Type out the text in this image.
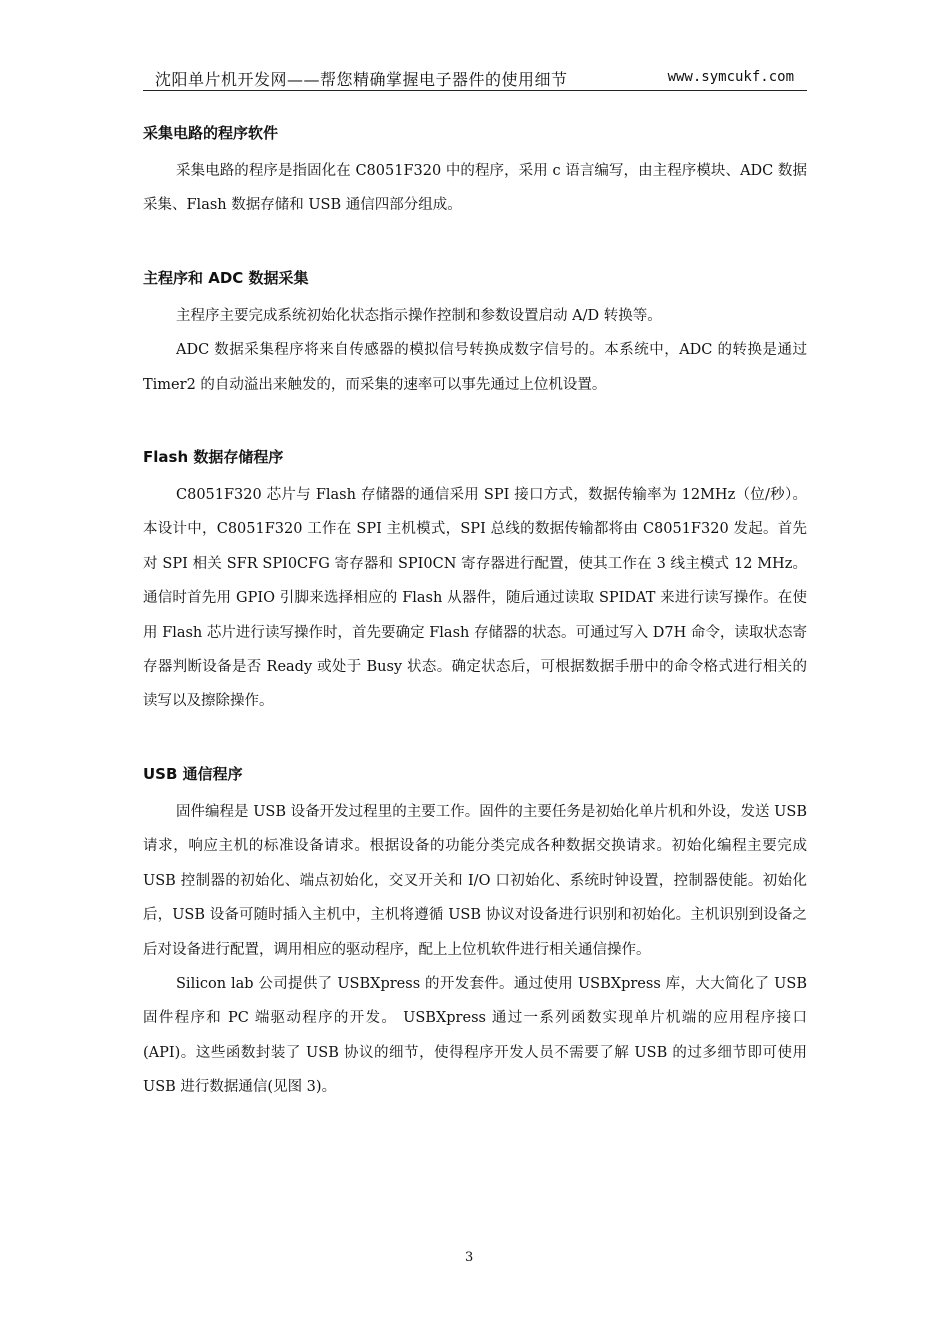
沈阳单片机开发网——帮您精确掌握电子器件的使用细节	www.symcukf.com
采集电路的程序软件

采集电路的程序是指固化在 C8051F320 中的程序，采用 c 语言编写，由主程序模块、ADC 数据采集、Flash 数据存储和 USB 通信四部分组成。

主程序和 ADC 数据采集

主程序主要完成系统初始化状态指示操作控制和参数设置启动 A/D 转换等。

ADC 数据采集程序将来自传感器的模拟信号转换成数字信号的。本系统中，ADC 的转换是通过 Timer2 的自动溢出来触发的，而采集的速率可以事先通过上位机设置。

Flash 数据存储程序

C8051F320 芯片与 Flash 存储器的通信采用 SPI 接口方式，数据传输率为 12MHz（位/秒）。本设计中，C8051F320 工作在 SPI 主机模式，SPI 总线的数据传输都将由 C8051F320 发起。首先对 SPI 相关 SFR SPI0CFG 寄存器和 SPI0CN 寄存器进行配置，使其工作在 3 线主模式 12 MHz。通信时首先用 GPIO 引脚来选择相应的 Flash 从器件，随后通过读取 SPIDAT 来进行读写操作。在使用 Flash 芯片进行读写操作时，首先要确定 Flash 存储器的状态。可通过写入 D7H 命令，读取状态寄存器判断设备是否 Ready 或处于 Busy 状态。确定状态后，可根据数据手册中的命令格式进行相关的读写以及擦除操作。

USB 通信程序

固件编程是 USB 设备开发过程里的主要工作。固件的主要任务是初始化单片机和外设，发送 USB 请求，响应主机的标准设备请求。根据设备的功能分类完成各种数据交换请求。初始化编程主要完成 USB 控制器的初始化、端点初始化，交叉开关和 I/O 口初始化、系统时钟设置，控制器使能。初始化后，USB 设备可随时插入主机中，主机将遵循 USB 协议对设备进行识别和初始化。主机识别到设备之后对设备进行配置，调用相应的驱动程序，配上上位机软件进行相关通信操作。

Silicon lab 公司提供了 USBXpress 的开发套件。通过使用 USBXpress 库，大大简化了 USB 固件程序和 PC 端驱动程序的开发。 USBXpress 通过一系列函数实现单片机端的应用程序接口(API)。这些函数封装了 USB 协议的细节，使得程序开发人员不需要了解 USB 的过多细节即可使用 USB 进行数据通信(见图 3)。

3
